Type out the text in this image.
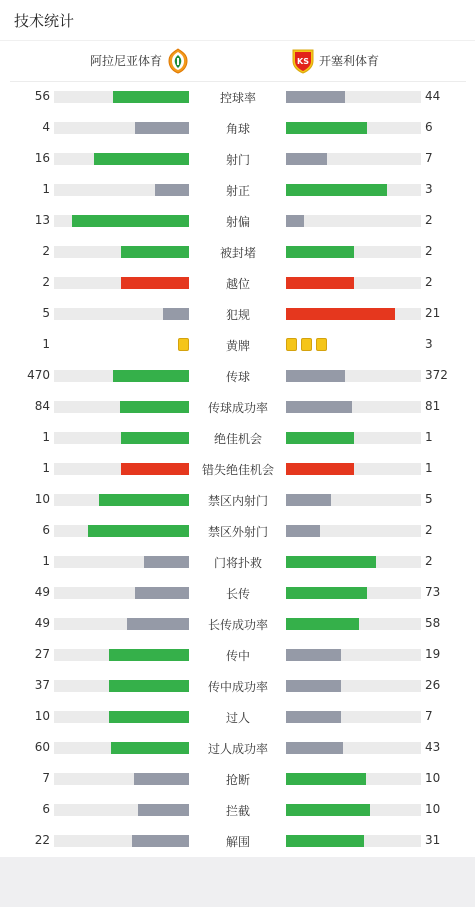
技术统计
阿拉尼亚体育	KS 开塞利体育
56	控球率	44
4	角球	6
16	射门	7
1	射正	3
13	射偏	2
2	被封堵	2
2	越位	2
5	犯规	21
1	黄牌	3
470	传球	372
84	传球成功率	81
1	绝佳机会	1
1	错失绝佳机会	1
10	禁区内射门	5
6	禁区外射门	2
1	门将扑救	2
49	长传	73
49	长传成功率	58
27	传中	19
37	传中成功率	26
10	过人	7
60	过人成功率	43
7	抢断	10
6	拦截	10
22	解围	31
